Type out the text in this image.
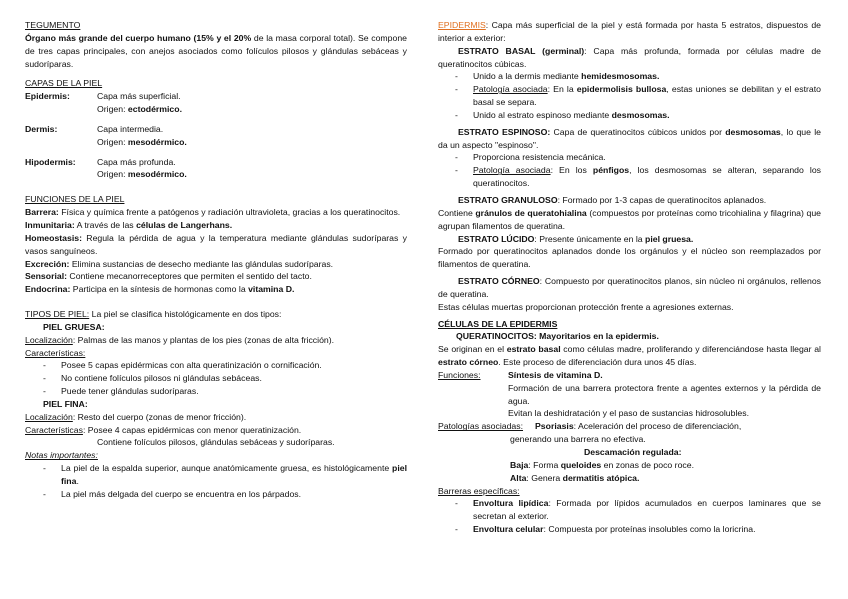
TEGUMENTO

Órgano más grande del cuerpo humano (15% y el 20% de la masa corporal total). Se compone de tres capas principales, con anejos asociados como folículos pilosos y glándulas sebáceas y sudoríparas.

CAPAS DE LA PIEL

Epidermis:	Capa más superficial.
Origen: ectodérmico.
Dermis:	Capa intermedia.
Origen: mesodérmico.
Hipodermis:	Capa más profunda.
Origen: mesodérmico.

FUNCIONES DE LA PIEL

Barrera: Física y química frente a patógenos y radiación ultravioleta, gracias a los queratinocitos.

Inmunitaria: A través de las células de Langerhans.

Homeostasis: Regula la pérdida de agua y la temperatura mediante glándulas sudoríparas y vasos sanguíneos.

Excreción: Elimina sustancias de desecho mediante las glándulas sudoríparas.

Sensorial: Contiene mecanorreceptores que permiten el sentido del tacto.

Endocrina: Participa en la síntesis de hormonas como la vitamina D.

TIPOS DE PIEL: La piel se clasifica histológicamente en dos tipos:

PIEL GRUESA:

Localización: Palmas de las manos y plantas de los pies (zonas de alta fricción).

Características:

-	Posee 5 capas epidérmicas con alta queratinización o cornificación.
-	No contiene folículos pilosos ni glándulas sebáceas.
-	Puede tener glándulas sudoríparas.

PIEL FINA:

Localización: Resto del cuerpo (zonas de menor fricción).

Características: Posee 4 capas epidérmicas con menor queratinización.

Contiene folículos pilosos, glándulas sebáceas y sudoríparas.

Notas importantes:

-	La piel de la espalda superior, aunque anatómicamente gruesa, es histológicamente piel fina.
-	La piel más delgada del cuerpo se encuentra en los párpados.

EPIDERMIS: Capa más superficial de la piel y está formada por hasta 5 estratos, dispuestos de interior a exterior:

ESTRATO BASAL (germinal): Capa más profunda, formada por células madre de queratinocitos cúbicas.

-	Unido a la dermis mediante hemidesmosomas.
-	Patología asociada: En la epidermolisis bullosa, estas uniones se debilitan y el estrato basal se separa.
-	Unido al estrato espinoso mediante desmosomas.

ESTRATO ESPINOSO: Capa de queratinocitos cúbicos unidos por desmosomas, lo que le da un aspecto "espinoso".

-	Proporciona resistencia mecánica.
-	Patología asociada: En los pénfigos, los desmosomas se alteran, separando los queratinocitos.

ESTRATO GRANULOSO: Formado por 1-3 capas de queratinocitos aplanados.

Contiene gránulos de queratohialina (compuestos por proteínas como tricohialina y filagrina) que agrupan filamentos de queratina.

ESTRATO LÚCIDO: Presente únicamente en la piel gruesa.

Formado por queratinocitos aplanados donde los orgánulos y el núcleo son reemplazados por filamentos de queratina.

ESTRATO CÓRNEO: Compuesto por queratinocitos planos, sin núcleo ni orgánulos, rellenos de queratina.

Estas células muertas proporcionan protección frente a agresiones externas.

CÉLULAS DE LA EPIDERMIS

QUERATINOCITOS: Mayoritarios en la epidermis.

Se originan en el estrato basal como células madre, proliferando y diferenciándose hasta llegar al estrato córneo. Este proceso de diferenciación dura unos 45 días.

Funciones:	Síntesis de vitamina D.

Formación de una barrera protectora frente a agentes externos y la pérdida de agua.
Evitan la deshidratación y el paso de sustancias hidrosolubles.

Patologías asociadas: Psoriasis: Aceleración del proceso de diferenciación,

generando una barrera no efectiva.

Descamación regulada:

Baja: Forma queloides en zonas de poco roce.

Alta: Genera dermatitis atópica.

Barreras específicas:

-	Envoltura lipídica: Formada por lípidos acumulados en cuerpos laminares que se secretan al exterior.
-	Envoltura celular: Compuesta por proteínas insolubles como la loricrina.
